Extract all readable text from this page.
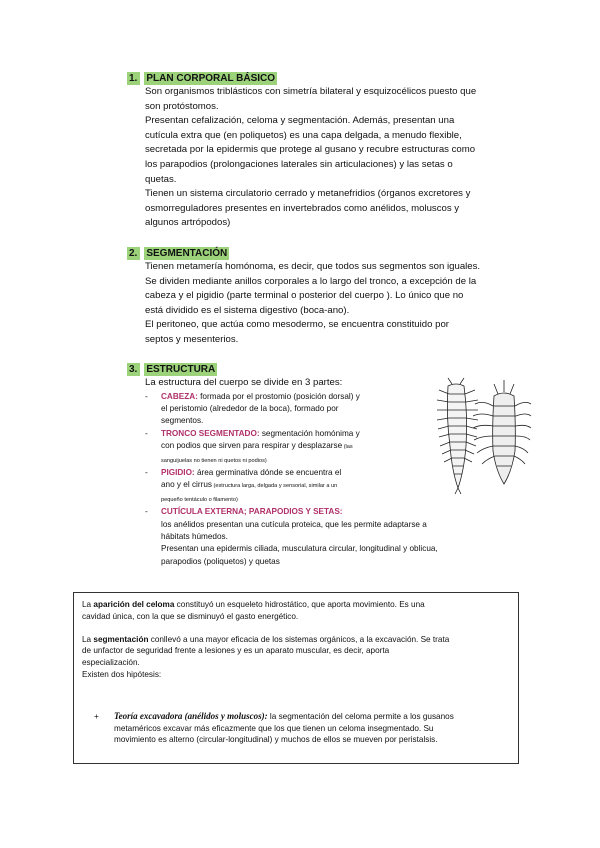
1. PLAN CORPORAL BÁSICO

Son organismos triblásticos con simetría bilateral y esquizocélicos puesto que

son protóstomos.

Presentan cefalización, celoma y segmentación. Además, presentan una

cutícula extra que (en poliquetos) es una capa delgada, a menudo flexible,

secretada por la epidermis que protege al gusano y recubre estructuras como

los parapodios (prolongaciones laterales sin articulaciones) y las setas o

quetas.

Tienen un sistema circulatorio cerrado y metanefridios (órganos excretores y

osmorreguladores presentes en invertebrados como anélidos, moluscos y

algunos artrópodos)

2. SEGMENTACIÓN

Tienen metamería homónoma, es decir, que todos sus segmentos son iguales.

Se dividen mediante anillos corporales a lo largo del tronco, a excepción de la

cabeza y el pigidio (parte terminal o posterior del cuerpo ). Lo único que no

está dividido es el sistema digestivo (boca-ano).

El peritoneo, que actúa como mesodermo, se encuentra constituido por

septos y mesenterios.

3. ESTRUCTURA

La estructura del cuerpo se divide en 3 partes:

- CABEZA: formada por el prostomio (posición dorsal) y
el peristomio (alrededor de la boca), formado por
segmentos.
- TRONCO SEGMENTADO: segmentación homónima y
con podios que sirven para respirar y desplazarse (las
sanguijuelas no tienen ni quetos ni podios)
- PIGIDIO: área germinativa dónde se encuentra el
ano y el cirrus (estructura larga, delgada y sensorial, similar a un
pequeño tentáculo o filamento)
- CUTÍCULA EXTERNA; PARAPODIOS Y SETAS:
los anélidos presentan una cutícula proteica, que les permite adaptarse a
hábitats húmedos.
Presentan una epidermis ciliada, musculatura circular, longitudinal y oblicua,
parapodios (poliquetos) y quetas

La aparición del celoma constituyó un esqueleto hidrostático, que aporta movimiento. Es una
cavidad única, con la que se disminuyó el gasto energético.

La segmentación conllevó a una mayor eficacia de los sistemas orgánicos, a la excavación. Se trata
de unfactor de seguridad frente a lesiones y es un aparato muscular, es decir, aporta
especialización.
Existen dos hipótesis:

+	Teoría excavadora (anélidos y moluscos): la segmentación del celoma permite a los gusanos
metaméricos excavar más eficazmente que los que tienen un celoma insegmentado. Su
movimiento es alterno (circular-longitudinal) y muchos de ellos se mueven por peristalsis.
